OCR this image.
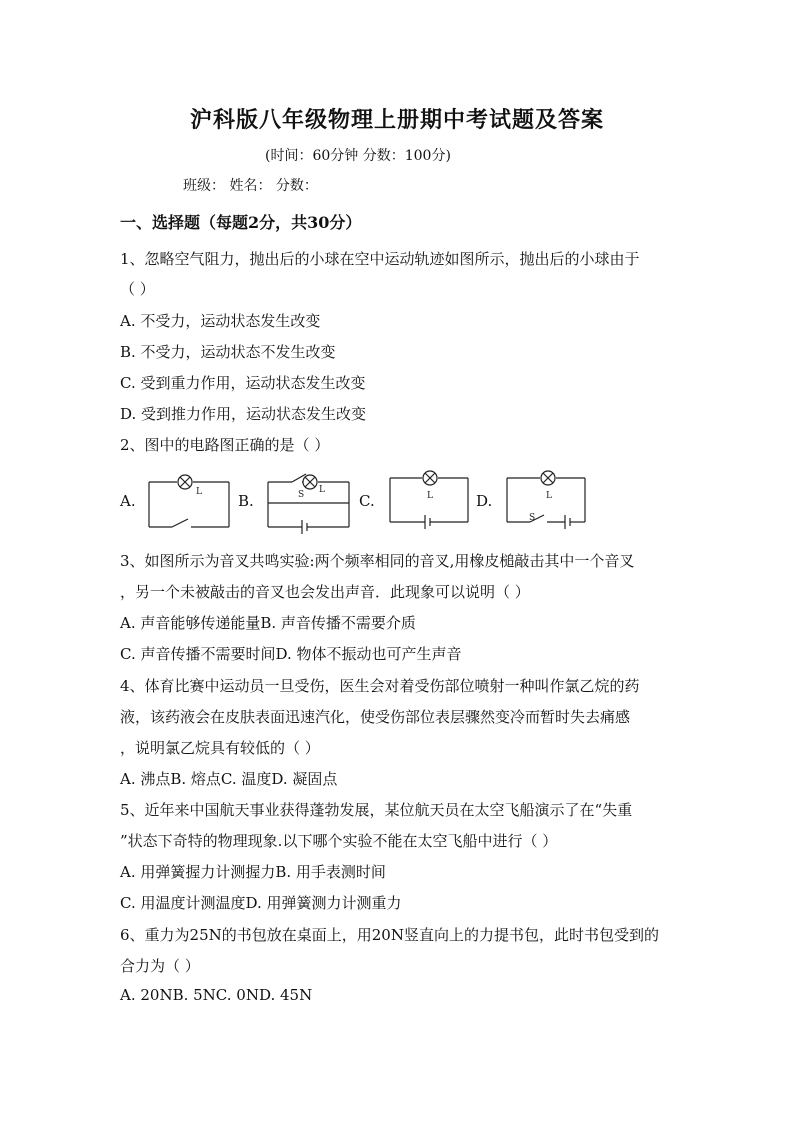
沪科版八年级物理上册期中考试题及答案
(时间：60分钟 分数：100分)
班级： 姓名： 分数：
一、选择题（每题2分，共30分）
1、忽略空气阻力，抛出后的小球在空中运动轨迹如图所示，抛出后的小球由于
（ ）
A. 不受力，运动状态发生改变
B. 不受力，运动状态不发生改变
C. 受到重力作用，运动状态发生改变
D. 受到推力作用，运动状态发生改变
2、图中的电路图正确的是（ ）
A.	B.	C.	D.
L	L
S	L	L
S
3、如图所示为音叉共鸣实验:两个频率相同的音叉,用橡皮槌敲击其中一个音叉
，另一个未被敲击的音叉也会发出声音．此现象可以说明（ ）
A. 声音能够传递能量B. 声音传播不需要介质
C. 声音传播不需要时间D. 物体不振动也可产生声音
4、体育比赛中运动员一旦受伤，医生会对着受伤部位喷射一种叫作氯乙烷的药
液，该药液会在皮肤表面迅速汽化，使受伤部位表层骤然变冷而暂时失去痛感
，说明氯乙烷具有较低的（ ）
A. 沸点B. 熔点C. 温度D. 凝固点
5、近年来中国航天事业获得蓬勃发展，某位航天员在太空飞船演示了在“失重
”状态下奇特的物理现象.以下哪个实验不能在太空飞船中进行（ ）
A. 用弹簧握力计测握力B. 用手表测时间
C. 用温度计测温度D. 用弹簧测力计测重力
6、重力为25N的书包放在桌面上，用20N竖直向上的力提书包，此时书包受到的
合力为（ ）
A. 20NB. 5NC. 0ND. 45N
